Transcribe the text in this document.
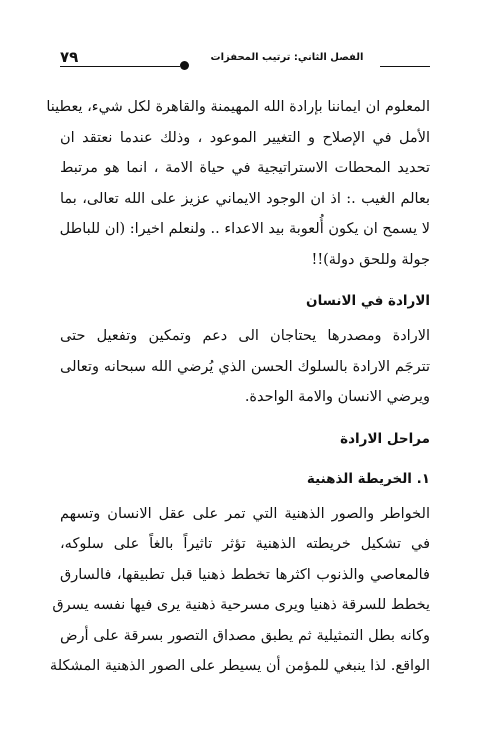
٧٩	الفصل الثاني: ترتيب المحفزات
المعلوم ان ايماننا بإرادة الله المهيمنة والقاهرة لكل شيء، يعطينا
الأمل في الإصلاح و التغيير الموعود ، وذلك عندما نعتقد ان
تحديد المحطات الاستراتيجية في حياة الامة ، انما هو مرتبط
بعالم الغيب .: اذ ان الوجود الايماني عزيز على الله تعالى، بما
لا يسمح ان يكون أُلعوبة بيد الاعداء .. ولنعلم اخيرا: (ان للباطل
جولة وللحق دولة)!!
الارادة في الانسان
الارادة ومصدرها يحتاجان الى دعم وتمكين وتفعيل حتى
تترجَم الارادة بالسلوك الحسن الذي يُرضي الله سبحانه وتعالى
ويرضي الانسان والامة الواحدة.
مراحل الارادة
١. الخريطة الذهنية
الخواطر والصور الذهنية التي تمر على عقل الانسان وتسهم
في تشكيل خريطته الذهنية تؤثر تاثيراً بالغاً على سلوكه،
فالمعاصي والذنوب اكثرها تخطط ذهنيا قبل تطبيقها، فالسارق
يخطط للسرقة ذهنيا ويرى مسرحية ذهنية يرى فيها نفسه يسرق
وكانه بطل التمثيلية ثم يطبق مصداق التصور بسرقة على أرض
الواقع. لذا ينبغي للمؤمن أن يسيطر على الصور الذهنية المشكلة
